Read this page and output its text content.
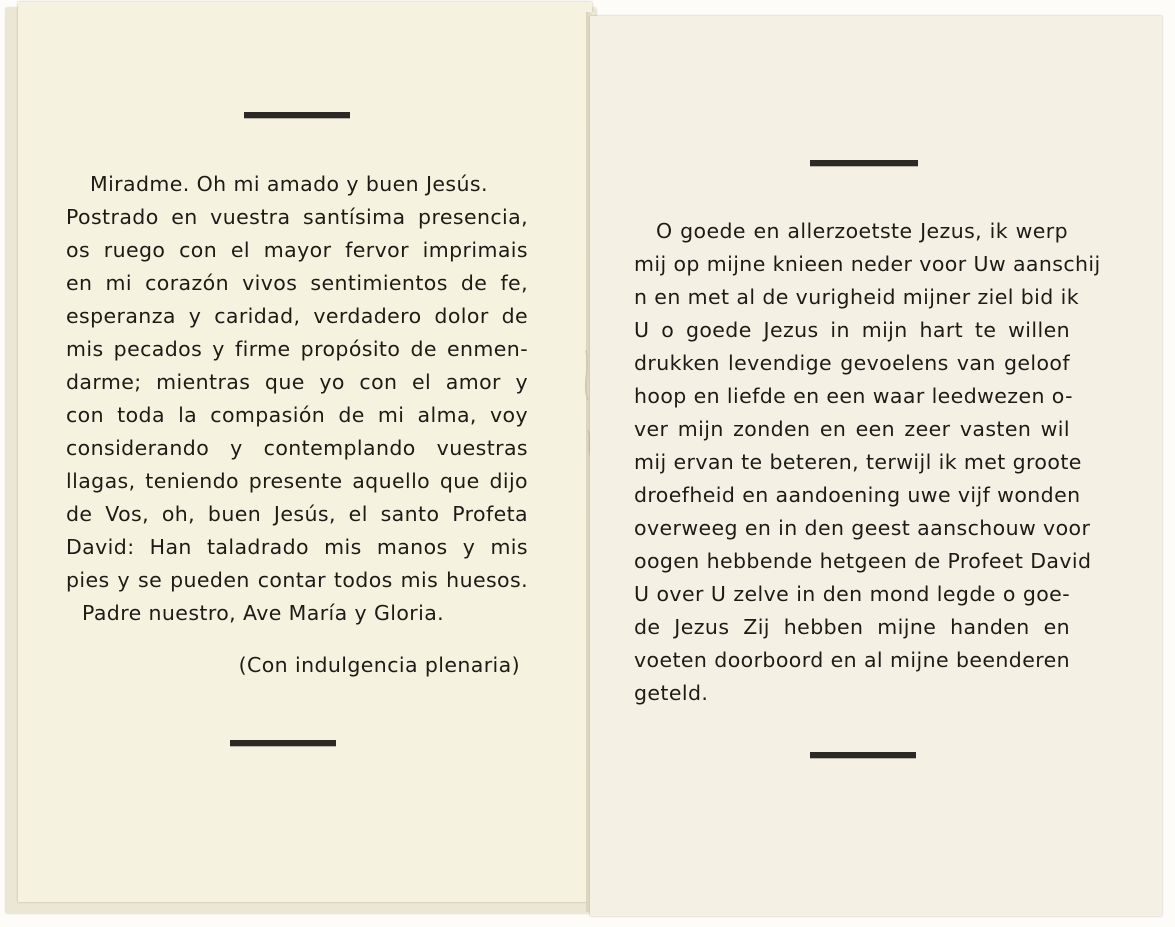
Miradme. Oh mi amado y buen Jesús.
Postrado en vuestra santísima presencia,
os ruego con el mayor fervor imprimais
en mi corazón vivos sentimientos de fe,
esperanza y caridad, verdadero dolor de
mis pecados y firme propósito de enmen-
darme; mientras que yo con el amor y
con toda la compasión de mi alma, voy
considerando y contemplando vuestras
llagas, teniendo presente aquello que dijo
de Vos, oh, buen Jesús, el santo Profeta
David: Han taladrado mis manos y mis
pies y se pueden contar todos mis huesos.
Padre nuestro, Ave María y Gloria.
(Con indulgencia plenaria)
O goede en allerzoetste Jezus, ik werp
mij op mijne knieen neder voor Uw aanschij
n en met al de vurigheid mijner ziel bid ik
U o goede Jezus in mijn hart te willen
drukken levendige gevoelens van geloof
hoop en liefde en een waar leedwezen o-
ver mijn zonden en een zeer vasten wil
mij ervan te beteren, terwijl ik met groote
droefheid en aandoening uwe vijf wonden
overweeg en in den geest aanschouw voor
oogen hebbende hetgeen de Profeet David
U over U zelve in den mond legde o goe-
de Jezus Zij hebben mijne handen en
voeten doorboord en al mijne beenderen
geteld.
